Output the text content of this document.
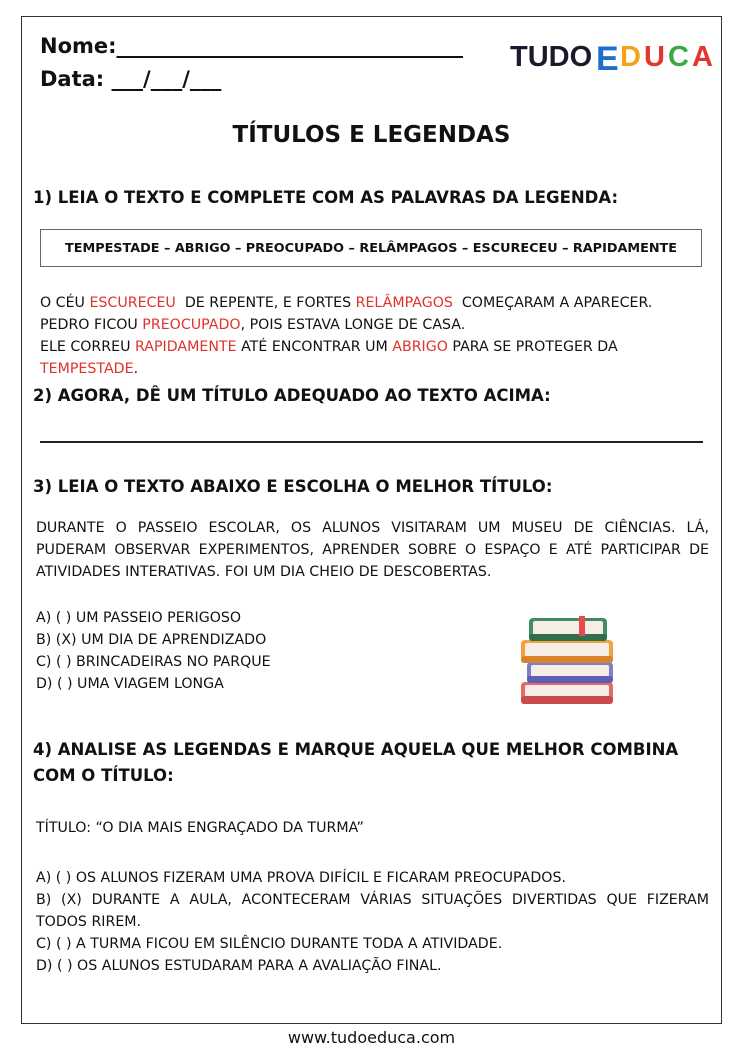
Nome:_________________________________
Data: ___/___/___
TUDO E D U C A
TÍTULOS E LEGENDAS
1) LEIA O TEXTO E COMPLETE COM AS PALAVRAS DA LEGENDA:
TEMPESTADE – ABRIGO – PREOCUPADO – RELÂMPAGOS – ESCURECEU – RAPIDAMENTE
O CÉU ESCURECEU  DE REPENTE, E FORTES RELÂMPAGOS  COMEÇARAM A APARECER.
PEDRO FICOU PREOCUPADO, POIS ESTAVA LONGE DE CASA.
ELE CORREU RAPIDAMENTE ATÉ ENCONTRAR UM ABRIGO PARA SE PROTEGER DA
TEMPESTADE.
2) AGORA, DÊ UM TÍTULO ADEQUADO AO TEXTO ACIMA:
3) LEIA O TEXTO ABAIXO E ESCOLHA O MELHOR TÍTULO:
DURANTE O PASSEIO ESCOLAR, OS ALUNOS VISITARAM UM MUSEU DE CIÊNCIAS. LÁ,
PUDERAM OBSERVAR EXPERIMENTOS, APRENDER SOBRE O ESPAÇO E ATÉ PARTICIPAR DE
ATIVIDADES INTERATIVAS. FOI UM DIA CHEIO DE DESCOBERTAS.
A) ( ) UM PASSEIO PERIGOSO
B) (X) UM DIA DE APRENDIZADO
C) ( ) BRINCADEIRAS NO PARQUE
D) ( ) UMA VIAGEM LONGA
4) ANALISE AS LEGENDAS E MARQUE AQUELA QUE MELHOR COMBINA
COM O TÍTULO:
TÍTULO: “O DIA MAIS ENGRAÇADO DA TURMA”
A) ( ) OS ALUNOS FIZERAM UMA PROVA DIFÍCIL E FICARAM PREOCUPADOS.
B) (X) DURANTE A AULA, ACONTECERAM VÁRIAS SITUAÇÕES DIVERTIDAS QUE FIZERAM
TODOS RIREM.
C) ( ) A TURMA FICOU EM SILÊNCIO DURANTE TODA A ATIVIDADE.
D) ( ) OS ALUNOS ESTUDARAM PARA A AVALIAÇÃO FINAL.
www.tudoeduca.com
